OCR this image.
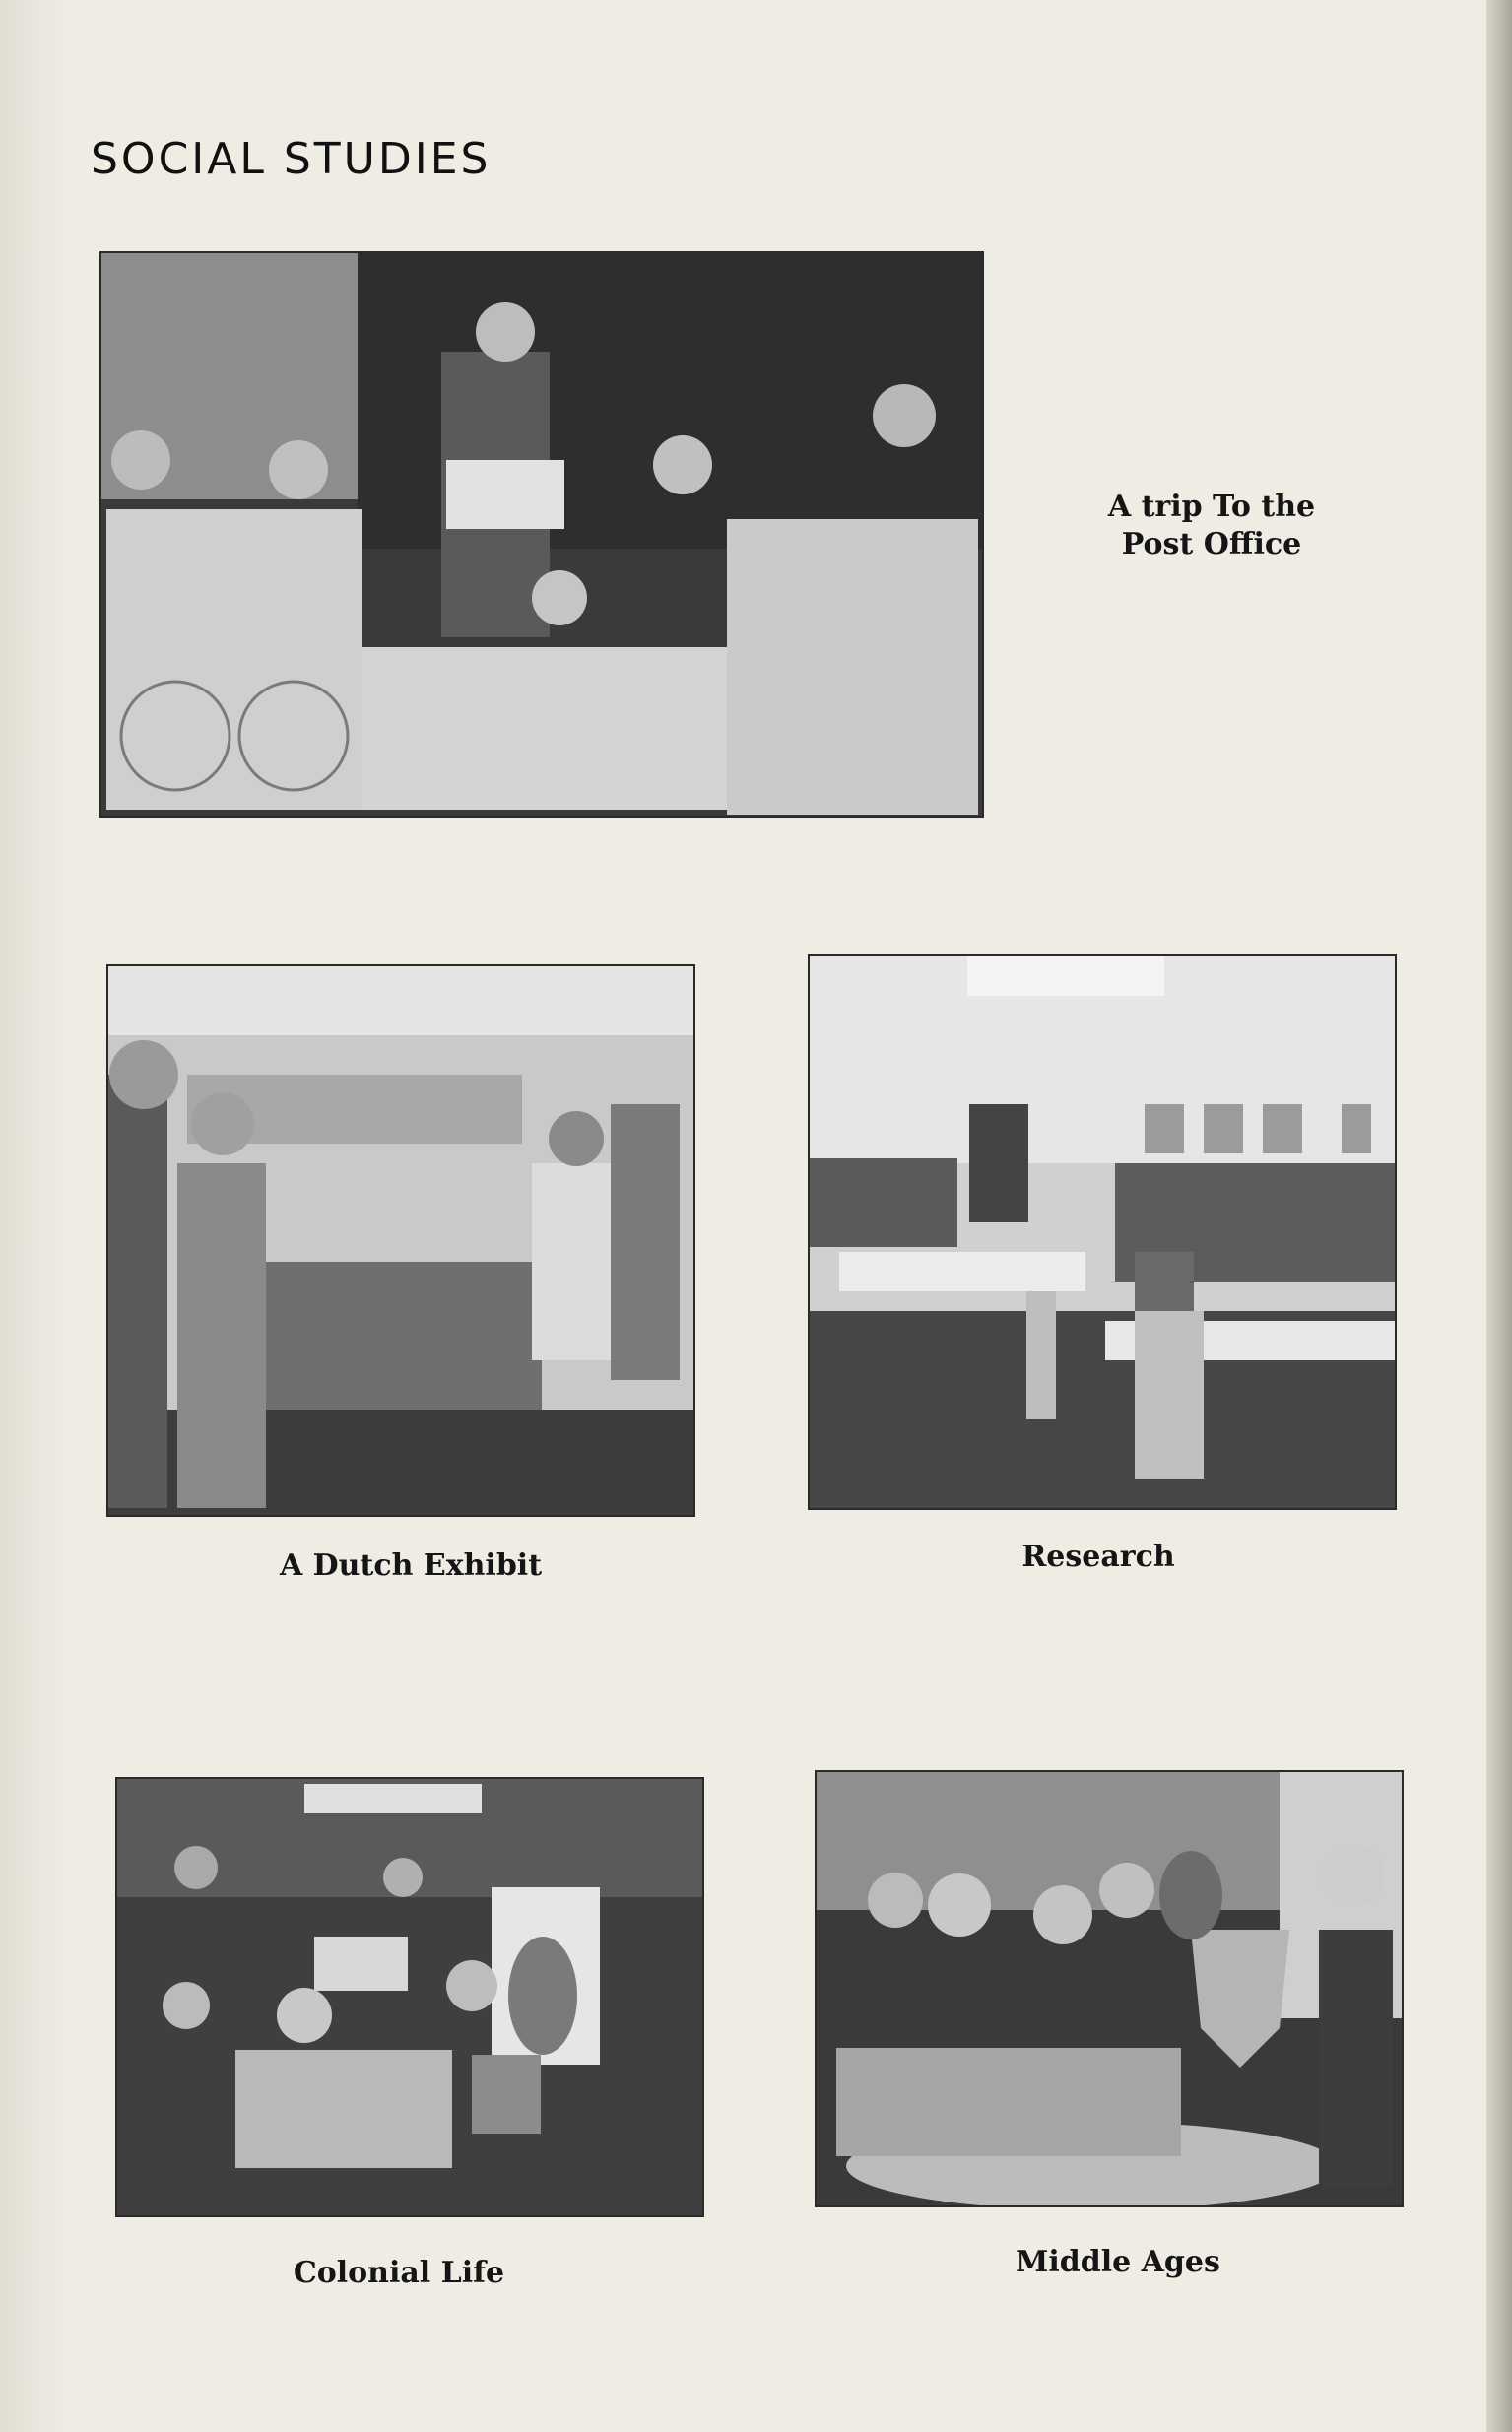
SOCIAL STUDIES
A trip To the
Post Office
A Dutch Exhibit	Research
Colonial Life	Middle Ages
